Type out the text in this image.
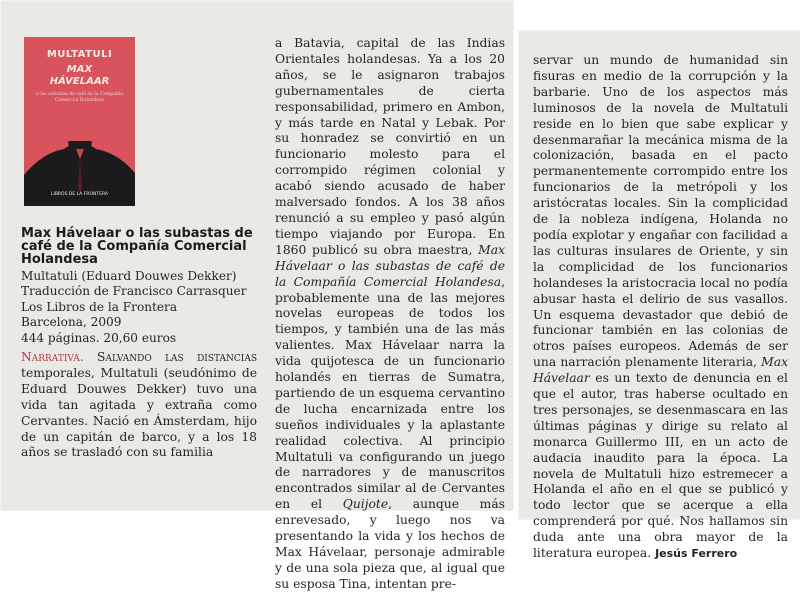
MULTATULI
MAX
HÁVELAAR
o las subastas de café de la Compañía Comercial Holandesa
LIBROS DE LA FRONTERA
Max Hávelaar o las subastas de café de la Compañía Comercial Holandesa
Multatuli (Eduard Douwes Dekker)
Traducción de Francisco Carrasquer
Los Libros de la Frontera
Barcelona, 2009
444 páginas. 20,60 euros
Narrativa. Salvando las distancias temporales, Multatuli (seudónimo de Eduard Douwes Dekker) tuvo una vida tan agitada y extraña como Cervantes. Nació en Ámsterdam, hijo de un capitán de barco, y a los 18 años se trasladó con su familia
a Batavia, capital de las Indias Orientales holandesas. Ya a los 20 años, se le asignaron trabajos gubernamentales de cierta responsabilidad, primero en Ambon, y más tarde en Natal y Lebak. Por su honradez se convirtió en un funcionario molesto para el corrompido régimen colonial y acabó siendo acusado de haber malversado fondos. A los 38 años renunció a su empleo y pasó algún tiempo viajando por Europa. En 1860 publicó su obra maestra, Max Hávelaar o las subastas de café de la Compañía Comercial Holandesa, probablemente una de las mejores novelas europeas de todos los tiempos, y también una de las más valientes. Max Hávelaar narra la vida quijotesca de un funcionario holandés en tierras de Sumatra, partiendo de un esquema cervantino de lucha encarnizada entre los sueños individuales y la aplastante realidad colectiva. Al principio Multatuli va configurando un juego de narradores y de manuscritos encontrados similar al de Cervantes en el Quijote, aunque más enrevesado, y luego nos va presentando la vida y los hechos de Max Hávelaar, personaje admirable y de una sola pieza que, al igual que su esposa Tina, intentan pre-
servar un mundo de humanidad sin fisuras en medio de la corrupción y la barbarie. Uno de los aspectos más luminosos de la novela de Multatuli reside en lo bien que sabe explicar y desenmarañar la mecánica misma de la colonización, basada en el pacto permanentemente corrompido entre los funcionarios de la metrópoli y los aristócratas locales. Sin la complicidad de la nobleza indígena, Holanda no podía explotar y engañar con facilidad a las culturas insulares de Oriente, y sin la complicidad de los funcionarios holandeses la aristocracia local no podía abusar hasta el delirio de sus vasallos. Un esquema devastador que debió de funcionar también en las colonias de otros países europeos. Además de ser una narración plenamente literaria, Max Hávelaar es un texto de denuncia en el que el autor, tras haberse ocultado en tres personajes, se desenmascara en las últimas páginas y dirige su relato al monarca Guillermo III, en un acto de audacia inaudito para la época. La novela de Multatuli hizo estremecer a Holanda el año en el que se publicó y todo lector que se acerque a ella comprenderá por qué. Nos hallamos sin duda ante una obra mayor de la literatura europea. Jesús Ferrero
